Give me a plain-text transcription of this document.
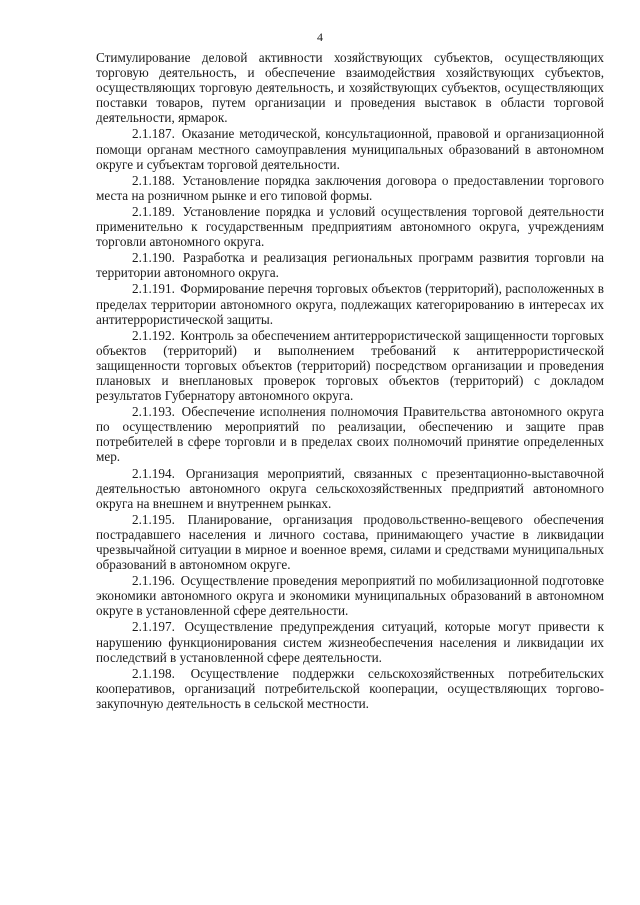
4

Стимулирование деловой активности хозяйствующих субъектов, осуществляющих торговую деятельность, и обеспечение взаимодействия хозяйствующих субъектов, осуществляющих торговую деятельность, и хозяйствующих субъектов, осуществляющих поставки товаров, путем организации и проведения выставок в области торговой деятельности, ярмарок.

2.1.187. Оказание методической, консультационной, правовой и организационной помощи органам местного самоуправления муниципальных образований в автономном округе и субъектам торговой деятельности.

2.1.188. Установление порядка заключения договора о предоставлении торгового места на розничном рынке и его типовой формы.

2.1.189. Установление порядка и условий осуществления торговой деятельности применительно к государственным предприятиям автономного округа, учреждениям торговли автономного округа.

2.1.190. Разработка и реализация региональных программ развития торговли на территории автономного округа.

2.1.191. Формирование перечня торговых объектов (территорий), расположенных в пределах территории автономного округа, подлежащих категорированию в интересах их антитеррористической защиты.

2.1.192. Контроль за обеспечением антитеррористической защищенности торговых объектов (территорий) и выполнением требований к антитеррористической защищенности торговых объектов (территорий) посредством организации и проведения плановых и внеплановых проверок торговых объектов (территорий) с докладом результатов Губернатору автономного округа.

2.1.193. Обеспечение исполнения полномочия Правительства автономного округа по осуществлению мероприятий по реализации, обеспечению и защите прав потребителей в сфере торговли и в пределах своих полномочий принятие определенных мер.

2.1.194. Организация мероприятий, связанных с презентационно-выставочной деятельностью автономного округа сельскохозяйственных предприятий автономного округа на внешнем и внутреннем рынках.

2.1.195. Планирование, организация продовольственно-вещевого обеспечения пострадавшего населения и личного состава, принимающего участие в ликвидации чрезвычайной ситуации в мирное и военное время, силами и средствами муниципальных образований в автономном округе.

2.1.196. Осуществление проведения мероприятий по мобилизационной подготовке экономики автономного округа и экономики муниципальных образований в автономном округе в установленной сфере деятельности.

2.1.197. Осуществление предупреждения ситуаций, которые могут привести к нарушению функционирования систем жизнеобеспечения населения и ликвидации их последствий в установленной сфере деятельности.

2.1.198. Осуществление поддержки сельскохозяйственных потребительских кооперативов, организаций потребительской кооперации, осуществляющих торгово-закупочную деятельность в сельской местности.
